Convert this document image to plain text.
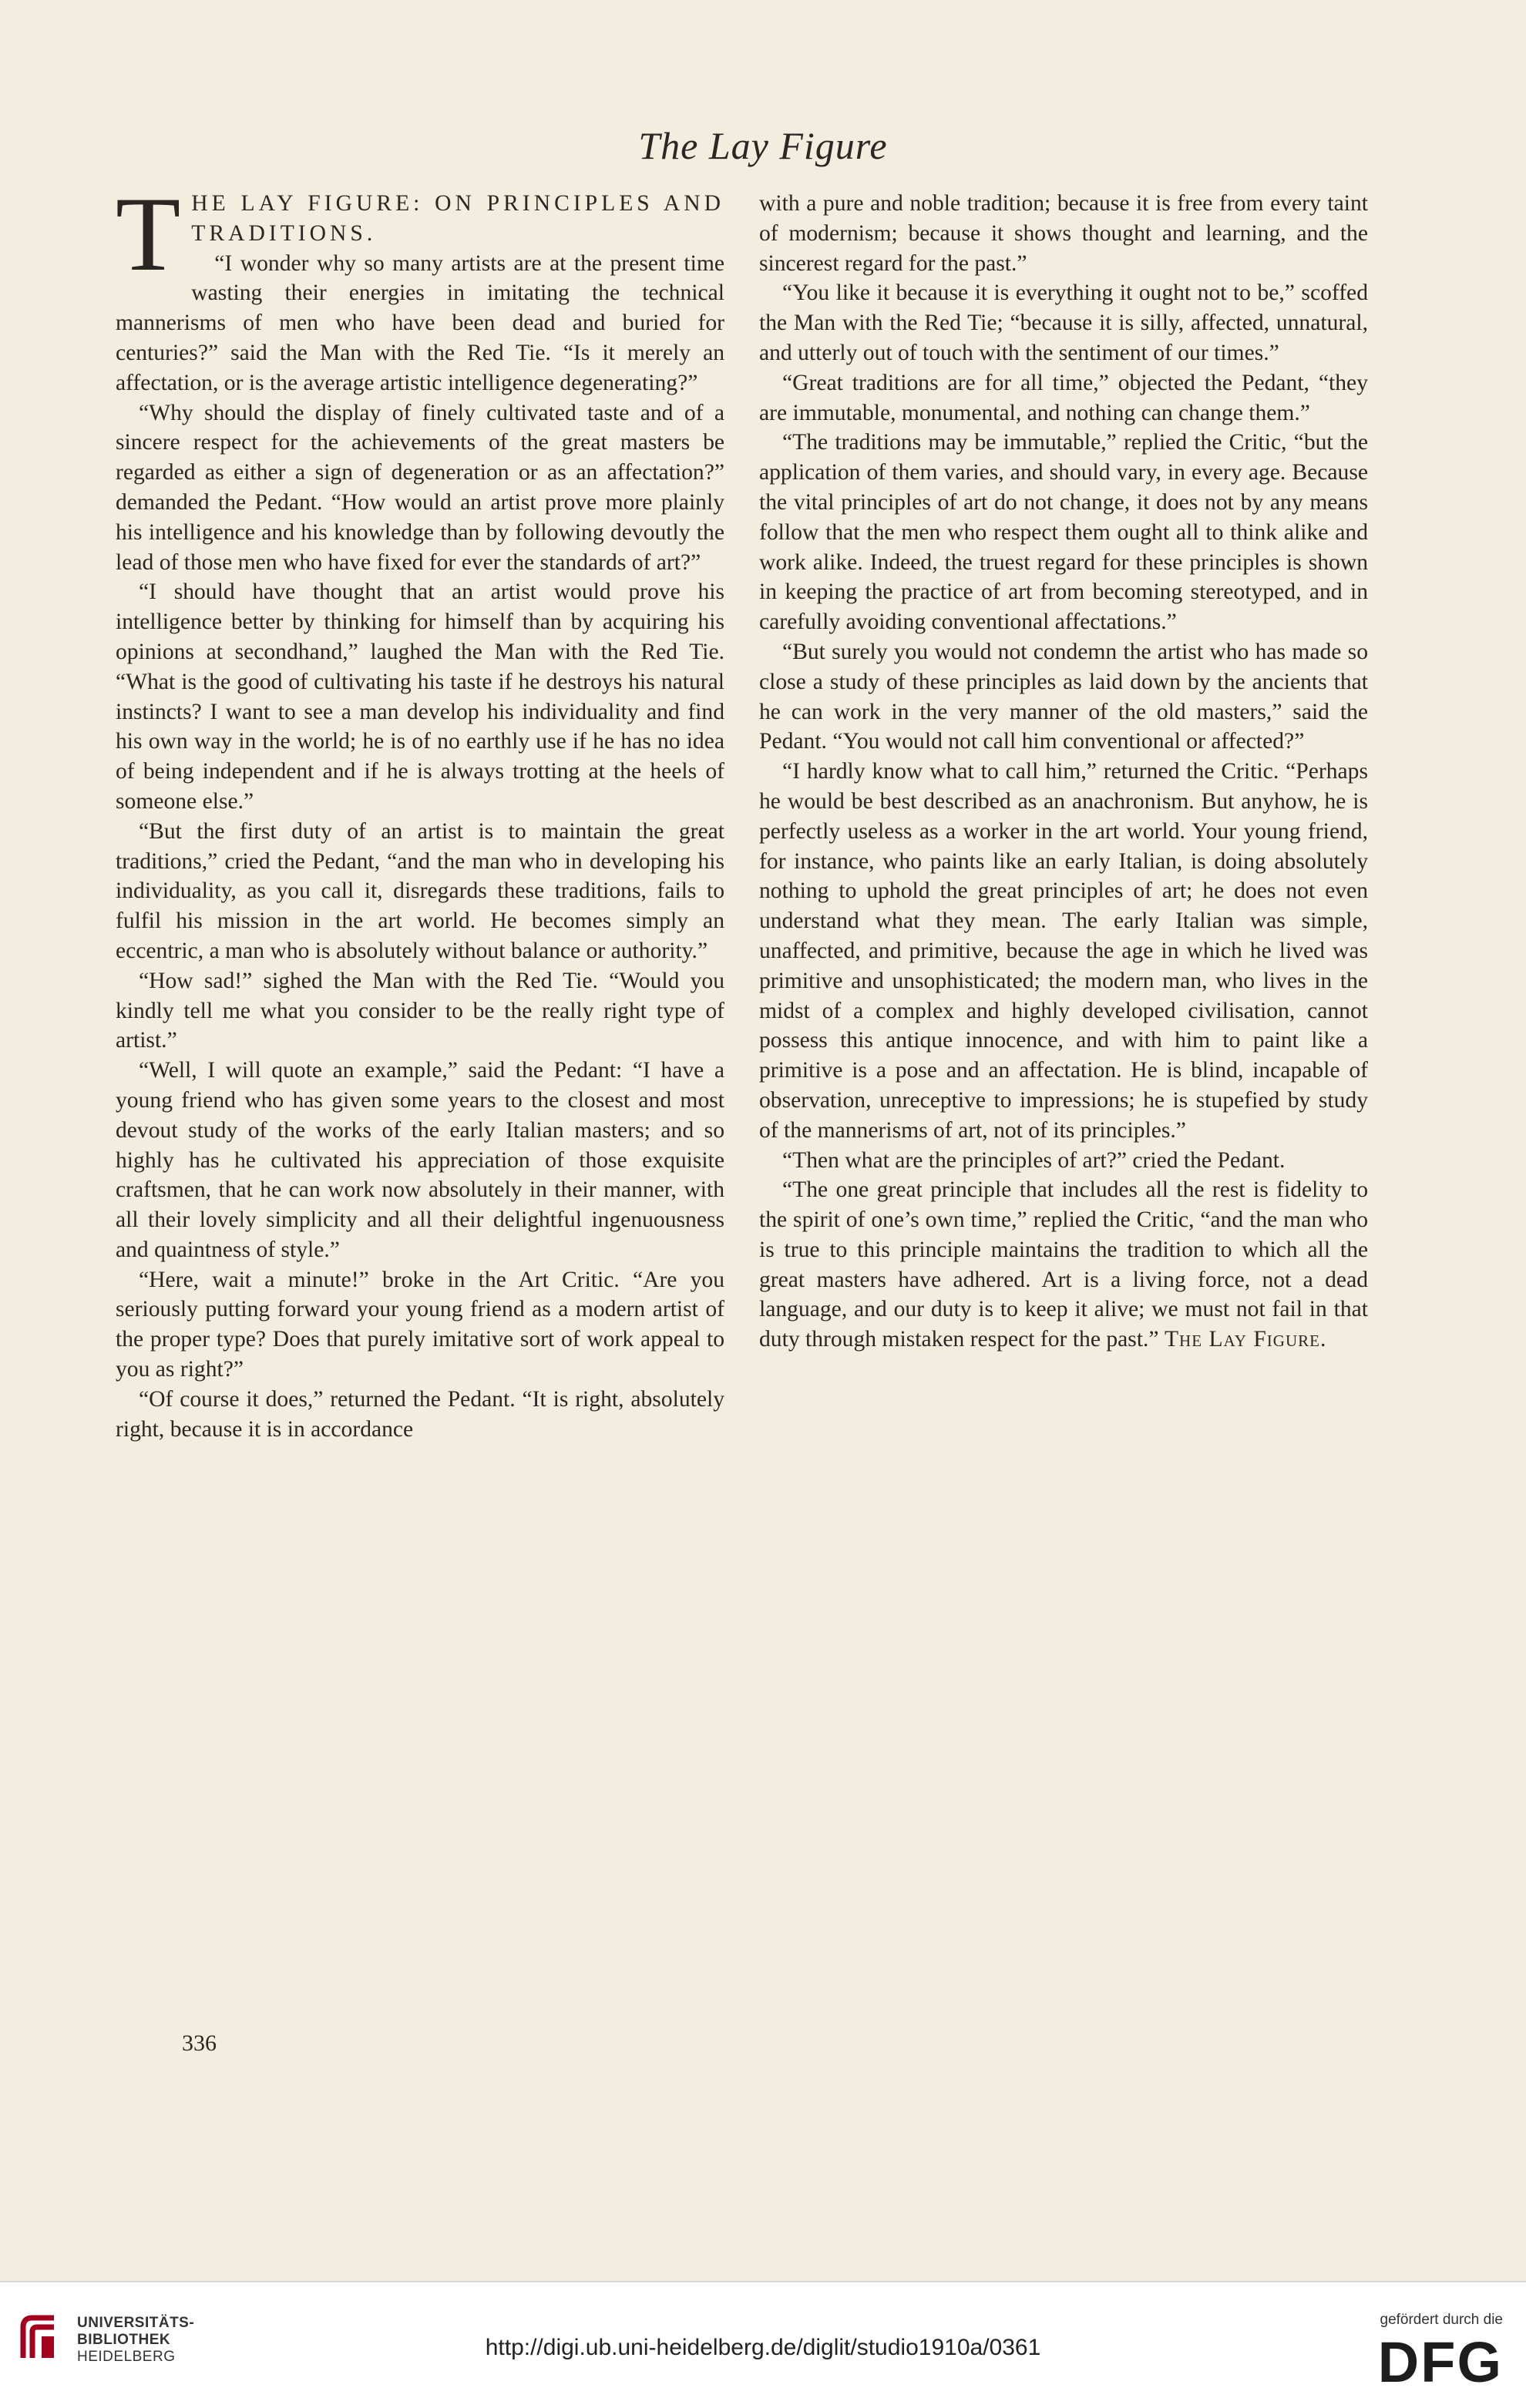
The Lay Figure
T HE LAY FIGURE: ON PRINCIPLES AND TRADITIONS.

“I wonder why so many artists are at the present time wasting their energies in imitating the technical mannerisms of men who have been dead and buried for centuries?” said the Man with the Red Tie. “Is it merely an affectation, or is the average artistic intelligence degenerating?”

“Why should the display of finely cultivated taste and of a sincere respect for the achievements of the great masters be regarded as either a sign of degeneration or as an affectation?” demanded the Pedant. “How would an artist prove more plainly his intelligence and his knowledge than by following devoutly the lead of those men who have fixed for ever the standards of art?”

“I should have thought that an artist would prove his intelligence better by thinking for himself than by acquiring his opinions at secondhand,” laughed the Man with the Red Tie. “What is the good of cultivating his taste if he destroys his natural instincts? I want to see a man develop his individuality and find his own way in the world; he is of no earthly use if he has no idea of being independent and if he is always trotting at the heels of someone else.”

“But the first duty of an artist is to maintain the great traditions,” cried the Pedant, “and the man who in developing his individuality, as you call it, disregards these traditions, fails to fulfil his mission in the art world. He becomes simply an eccentric, a man who is absolutely without balance or authority.”

“How sad!” sighed the Man with the Red Tie. “Would you kindly tell me what you consider to be the really right type of artist.”

“Well, I will quote an example,” said the Pedant: “I have a young friend who has given some years to the closest and most devout study of the works of the early Italian masters; and so highly has he cultivated his appreciation of those exquisite craftsmen, that he can work now absolutely in their manner, with all their lovely simplicity and all their delightful ingenuousness and quaintness of style.”

“Here, wait a minute!” broke in the Art Critic. “Are you seriously putting forward your young friend as a modern artist of the proper type? Does that purely imitative sort of work appeal to you as right?”

“Of course it does,” returned the Pedant. “It is right, absolutely right, because it is in accordance

with a pure and noble tradition; because it is free from every taint of modernism; because it shows thought and learning, and the sincerest regard for the past.”

“You like it because it is everything it ought not to be,” scoffed the Man with the Red Tie; “because it is silly, affected, unnatural, and utterly out of touch with the sentiment of our times.”

“Great traditions are for all time,” objected the Pedant, “they are immutable, monumental, and nothing can change them.”

“The traditions may be immutable,” replied the Critic, “but the application of them varies, and should vary, in every age. Because the vital principles of art do not change, it does not by any means follow that the men who respect them ought all to think alike and work alike. Indeed, the truest regard for these principles is shown in keeping the practice of art from becoming stereotyped, and in carefully avoiding conventional affectations.”

“But surely you would not condemn the artist who has made so close a study of these principles as laid down by the ancients that he can work in the very manner of the old masters,” said the Pedant. “You would not call him conventional or affected?”

“I hardly know what to call him,” returned the Critic. “Perhaps he would be best described as an anachronism. But anyhow, he is perfectly useless as a worker in the art world. Your young friend, for instance, who paints like an early Italian, is doing absolutely nothing to uphold the great principles of art; he does not even understand what they mean. The early Italian was simple, unaffected, and primitive, because the age in which he lived was primitive and unsophisticated; the modern man, who lives in the midst of a complex and highly developed civilisation, cannot possess this antique innocence, and with him to paint like a primitive is a pose and an affectation. He is blind, incapable of observation, unreceptive to impressions; he is stupefied by study of the mannerisms of art, not of its principles.”

“Then what are the principles of art?” cried the Pedant.

“The one great principle that includes all the rest is fidelity to the spirit of one’s own time,” replied the Critic, “and the man who is true to this principle maintains the tradition to which all the great masters have adhered. Art is a living force, not a dead language, and our duty is to keep it alive; we must not fail in that duty through mistaken respect for the past.” The Lay Figure.

336
UNIVERSITÄTS-
BIBLIOTHEK

HEIDELBERG	http://digi.ub.uni-heidelberg.de/diglit/studio1910a/0361
gefördert durch die
DFG
